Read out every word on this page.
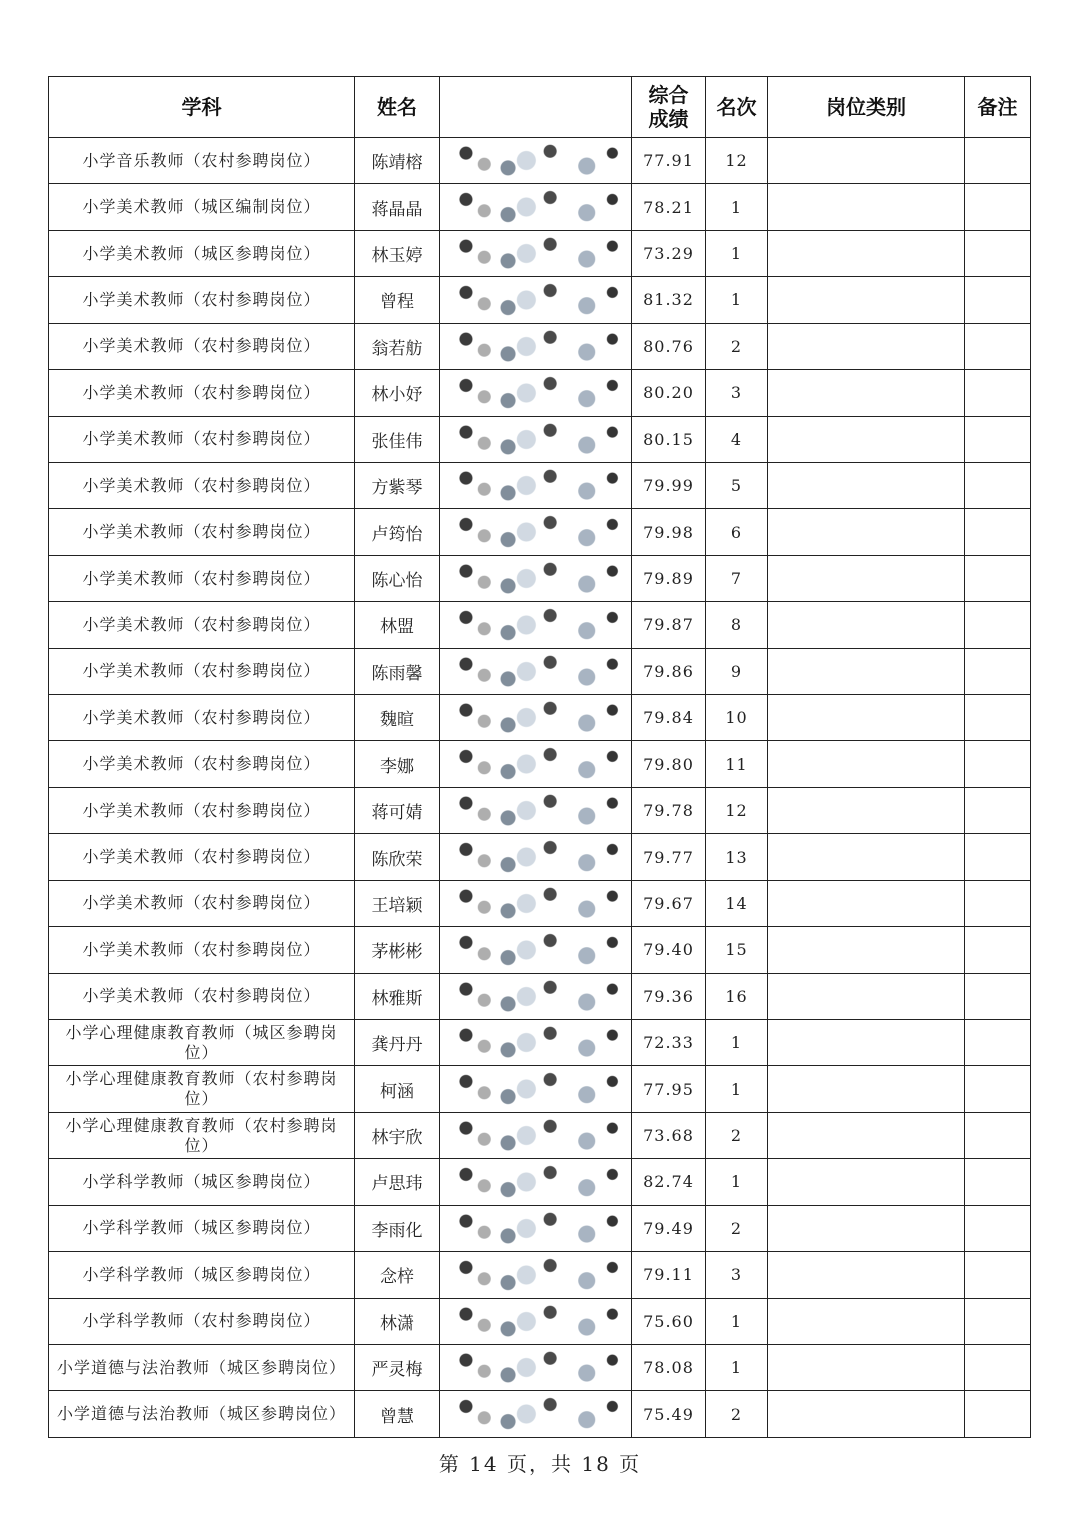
学科	姓名		综合成绩	名次	岗位类别	备注
小学音乐教师（农村参聘岗位）	陈靖榕		77.91	12		
小学美术教师（城区编制岗位）	蒋晶晶		78.21	1		
小学美术教师（城区参聘岗位）	林玉婷		73.29	1		
小学美术教师（农村参聘岗位）	曾程		81.32	1		
小学美术教师（农村参聘岗位）	翁若舫		80.76	2		
小学美术教师（农村参聘岗位）	林小妤		80.20	3		
小学美术教师（农村参聘岗位）	张佳伟		80.15	4		
小学美术教师（农村参聘岗位）	方紫琴		79.99	5		
小学美术教师（农村参聘岗位）	卢筠怡		79.98	6		
小学美术教师（农村参聘岗位）	陈心怡		79.89	7		
小学美术教师（农村参聘岗位）	林盟		79.87	8		
小学美术教师（农村参聘岗位）	陈雨馨		79.86	9		
小学美术教师（农村参聘岗位）	魏暄		79.84	10		
小学美术教师（农村参聘岗位）	李娜		79.80	11		
小学美术教师（农村参聘岗位）	蒋可婧		79.78	12		
小学美术教师（农村参聘岗位）	陈欣荣		79.77	13		
小学美术教师（农村参聘岗位）	王培颖		79.67	14		
小学美术教师（农村参聘岗位）	茅彬彬		79.40	15		
小学美术教师（农村参聘岗位）	林雅斯		79.36	16		
小学心理健康教育教师（城区参聘岗位）	龚丹丹		72.33	1		
小学心理健康教育教师（农村参聘岗位）	柯涵		77.95	1		
小学心理健康教育教师（农村参聘岗位）	林宇欣		73.68	2		
小学科学教师（城区参聘岗位）	卢思玮		82.74	1		
小学科学教师（城区参聘岗位）	李雨化		79.49	2		
小学科学教师（城区参聘岗位）	念梓		79.11	3		
小学科学教师（农村参聘岗位）	林潇		75.60	1		
小学道德与法治教师（城区参聘岗位）	严灵梅		78.08	1		
小学道德与法治教师（城区参聘岗位）	曾慧		75.49	2		
第 14 页，共 18 页
